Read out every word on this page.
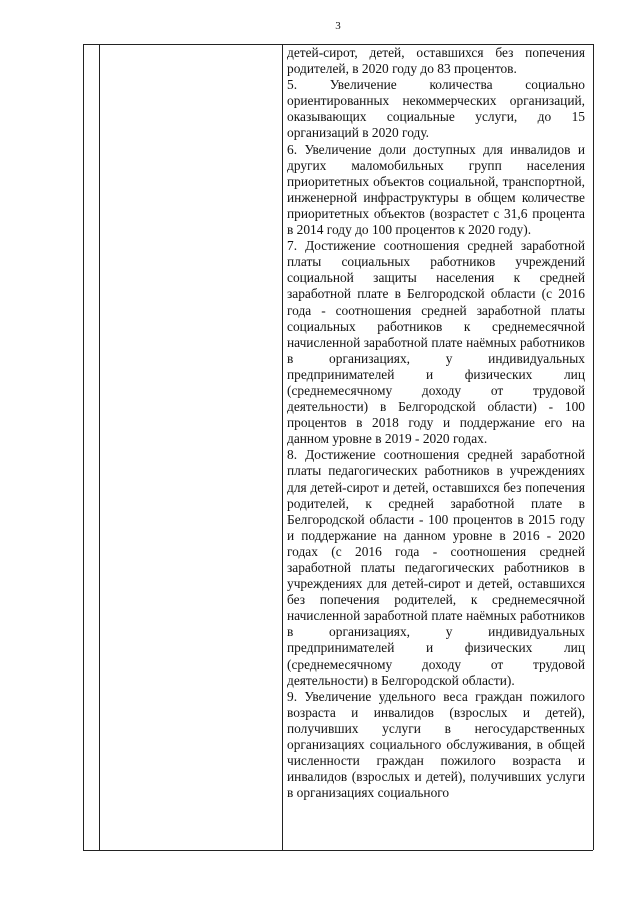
3

детей-сирот, детей, оставшихся без попечения родителей, в 2020 году до 83 процентов.

5. Увеличение количества социально ориентированных некоммерческих организаций, оказывающих социальные услуги, до 15 организаций в 2020 году.

6. Увеличение доли доступных для инвалидов и других маломобильных групп населения приоритетных объектов социальной, транспортной, инженерной инфраструктуры в общем количестве приоритетных объектов (возрастет с 31,6 процента в 2014 году до 100 процентов к 2020 году).

7. Достижение соотношения средней заработной платы социальных работников учреждений социальной защиты населения к средней заработной плате в Белгородской области (с 2016 года - соотношения средней заработной платы социальных работников к среднемесячной начисленной заработной плате наёмных работников в организациях, у индивидуальных предпринимателей и физических лиц (среднемесячному доходу от трудовой деятельности) в Белгородской области) - 100 процентов в 2018 году и поддержание его на данном уровне в 2019 - 2020 годах.

8. Достижение соотношения средней заработной платы педагогических работников в учреждениях для детей-сирот и детей, оставшихся без попечения родителей, к средней заработной плате в Белгородской области - 100 процентов в 2015 году и поддержание на данном уровне в 2016 - 2020 годах (с 2016 года - соотношения средней заработной платы педагогических работников в учреждениях для детей-сирот и детей, оставшихся без попечения родителей, к среднемесячной начисленной заработной плате наёмных работников в организациях, у индивидуальных предпринимателей и физических лиц (среднемесячному доходу от трудовой деятельности) в Белгородской области).

9. Увеличение удельного веса граждан пожилого возраста и инвалидов (взрослых и детей), получивших услуги в негосударственных организациях социального обслуживания, в общей численности граждан пожилого возраста и инвалидов (взрослых и детей), получивших услуги в организациях социального
